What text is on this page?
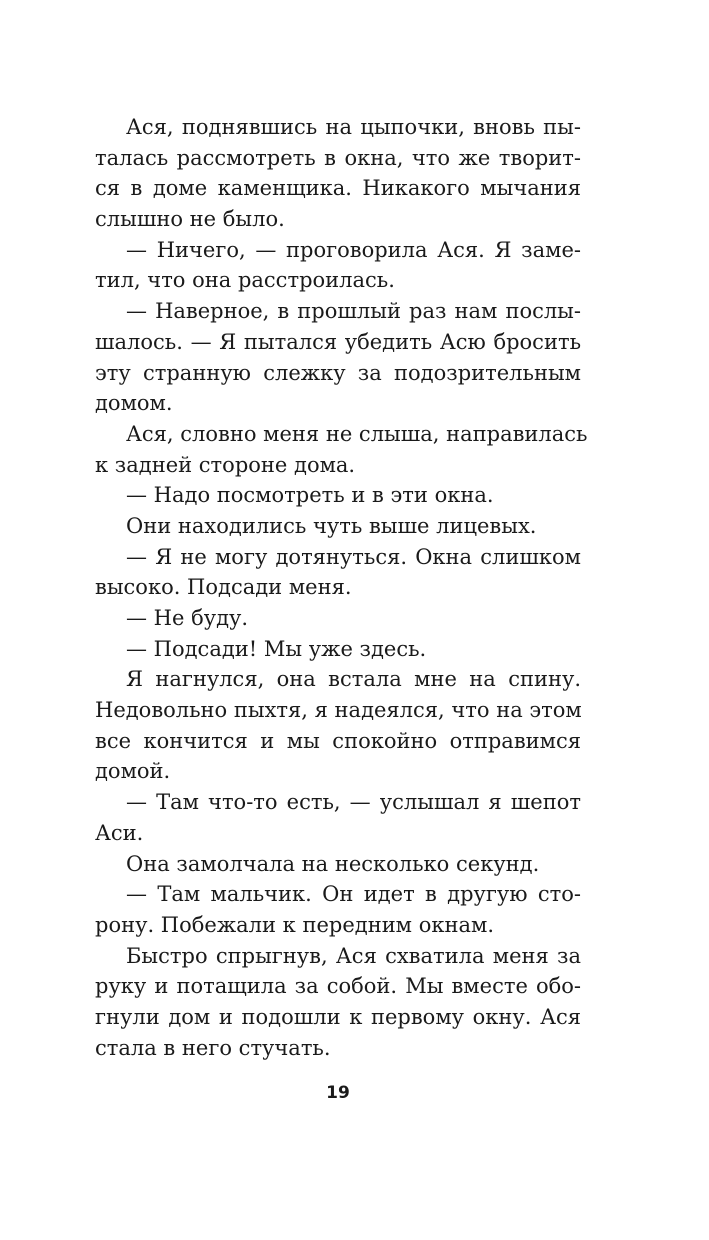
Ася, поднявшись на цыпочки, вновь пы-
талась рассмотреть в окна, что же творит-
ся в доме каменщика. Никакого мычания
слышно не было.
— Ничего, — проговорила Ася. Я заме-
тил, что она расстроилась.
— Наверное, в прошлый раз нам послы-
шалось. — Я пытался убедить Асю бросить
эту странную слежку за подозрительным
домом.
Ася, словно меня не слыша, направилась
к задней стороне дома.
— Надо посмотреть и в эти окна.
Они находились чуть выше лицевых.
— Я не могу дотянуться. Окна слишком
высоко. Подсади меня.
— Не буду.
— Подсади! Мы уже здесь.
Я нагнулся, она встала мне на спину.
Недовольно пыхтя, я надеялся, что на этом
все кончится и мы спокойно отправимся
домой.
— Там что-то есть, — услышал я шепот
Аси.
Она замолчала на несколько секунд.
— Там мальчик. Он идет в другую сто-
рону. Побежали к передним окнам.
Быстро спрыгнув, Ася схватила меня за
руку и потащила за собой. Мы вместе обо-
гнули дом и подошли к первому окну. Ася
стала в него стучать.
19
